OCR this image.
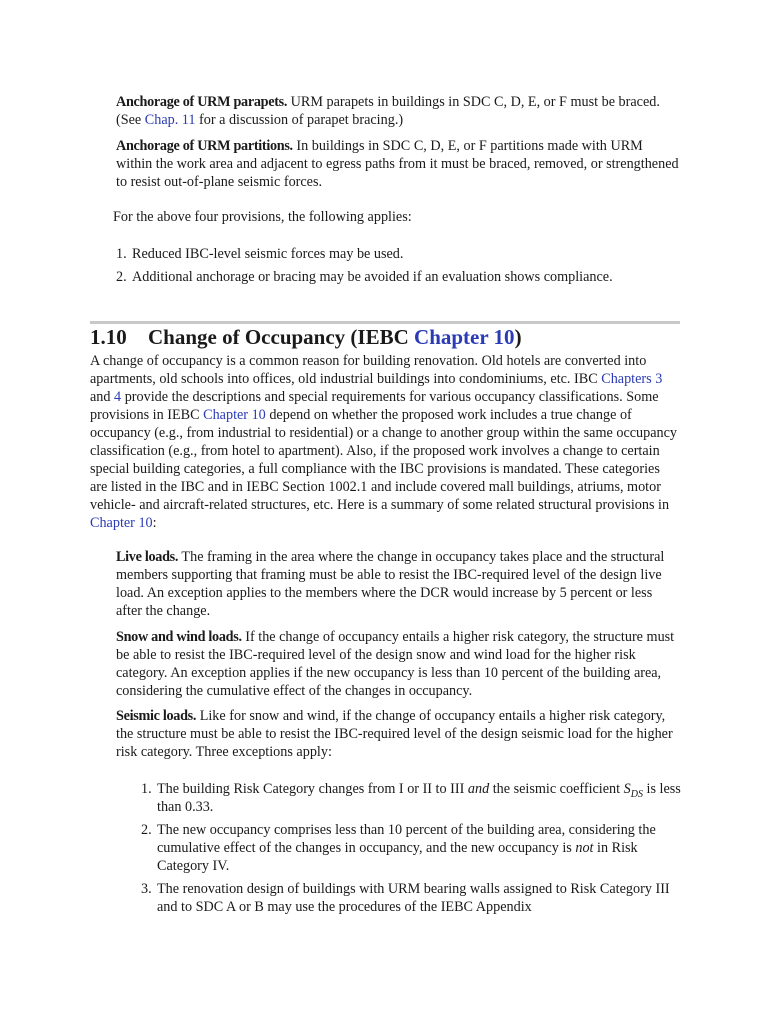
Anchorage of URM parapets. URM parapets in buildings in SDC C, D, E, or F must be braced. (See Chap. 11 for a discussion of parapet bracing.)

Anchorage of URM partitions. In buildings in SDC C, D, E, or F partitions made with URM within the work area and adjacent to egress paths from it must be braced, removed, or strengthened to resist out-of-plane seismic forces.

For the above four provisions, the following applies:

1. Reduced IBC-level seismic forces may be used.
2. Additional anchorage or bracing may be avoided if an evaluation shows compliance.
1.10 Change of Occupancy (IEBC Chapter 10)

A change of occupancy is a common reason for building renovation. Old hotels are converted into apartments, old schools into offices, old industrial buildings into condominiums, etc. IBC Chapters 3 and 4 provide the descriptions and special requirements for various occupancy classifications. Some provisions in IEBC Chapter 10 depend on whether the proposed work includes a true change of occupancy (e.g., from industrial to residential) or a change to another group within the same occupancy classification (e.g., from hotel to apartment). Also, if the proposed work involves a change to certain special building categories, a full compliance with the IBC provisions is mandated. These categories are listed in the IBC and in IEBC Section 1002.1 and include covered mall buildings, atriums, motor vehicle- and aircraft-related structures, etc. Here is a summary of some related structural provisions in Chapter 10:

Live loads. The framing in the area where the change in occupancy takes place and the structural members supporting that framing must be able to resist the IBC-required level of the design live load. An exception applies to the members where the DCR would increase by 5 percent or less after the change.

Snow and wind loads. If the change of occupancy entails a higher risk category, the structure must be able to resist the IBC-required level of the design snow and wind load for the higher risk category. An exception applies if the new occupancy is less than 10 percent of the building area, considering the cumulative effect of the changes in occupancy.

Seismic loads. Like for snow and wind, if the change of occupancy entails a higher risk category, the structure must be able to resist the IBC-required level of the design seismic load for the higher risk category. Three exceptions apply:

1. The building Risk Category changes from I or II to III and the seismic coefficient $S_{DS}$ is less than 0.33.
2. The new occupancy comprises less than 10 percent of the building area, considering the cumulative effect of the changes in occupancy, and the new occupancy is not in Risk Category IV.
3. The renovation design of buildings with URM bearing walls assigned to Risk Category III and to SDC A or B may use the procedures of the IEBC Appendix
